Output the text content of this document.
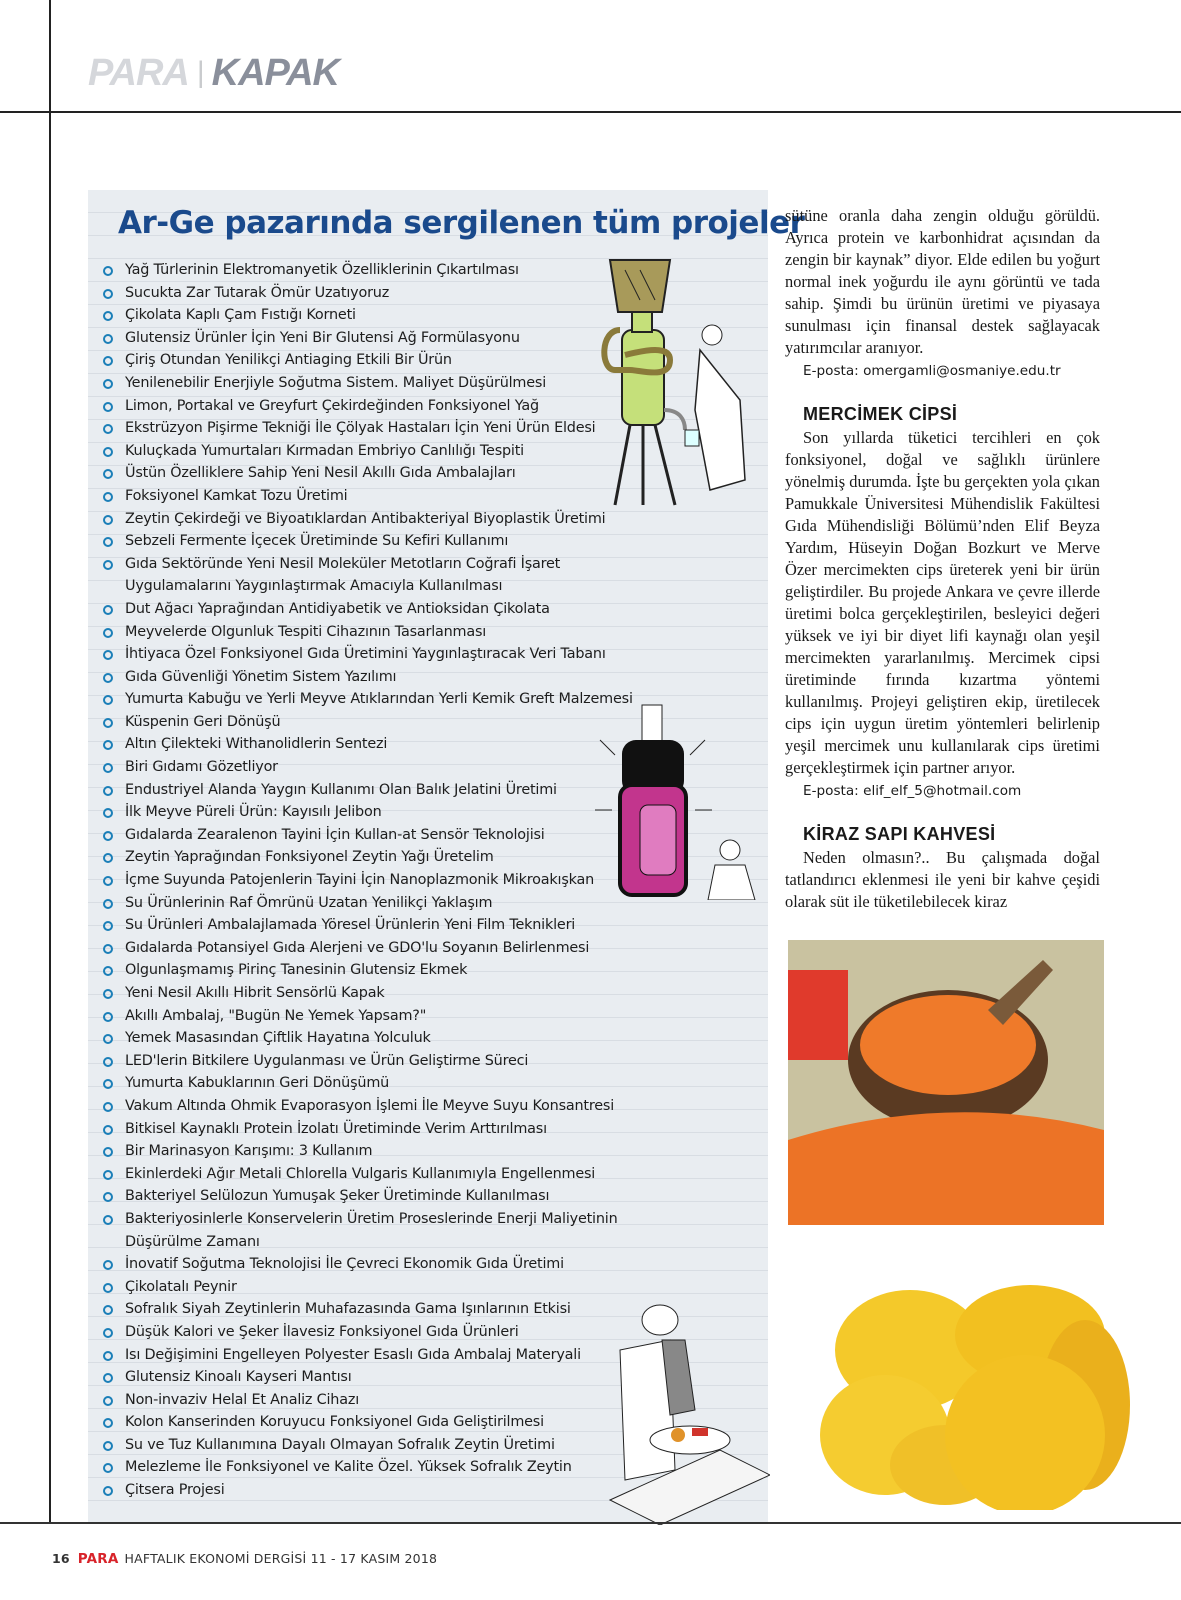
PARA | KAPAK
Ar-Ge pazarında sergilenen tüm projeler
Yağ Türlerinin Elektromanyetik Özelliklerinin Çıkartılması
Sucukta Zar Tutarak Ömür Uzatıyoruz
Çikolata Kaplı Çam Fıstığı Korneti
Glutensiz Ürünler İçin Yeni Bir Glutensi Ağ Formülasyonu
Çiriş Otundan Yenilikçi Antiaging Etkili Bir Ürün
Yenilenebilir Enerjiyle Soğutma Sistem. Maliyet Düşürülmesi
Limon, Portakal ve Greyfurt Çekirdeğinden Fonksiyonel Yağ
Ekstrüzyon Pişirme Tekniği İle Çölyak Hastaları İçin Yeni Ürün Eldesi
Kuluçkada Yumurtaları Kırmadan Embriyo Canlılığı Tespiti
Üstün Özelliklere Sahip Yeni Nesil Akıllı Gıda Ambalajları
Foksiyonel Kamkat Tozu Üretimi
Zeytin Çekirdeği ve Biyoatıklardan Antibakteriyal Biyoplastik Üretimi
Sebzeli Fermente İçecek Üretiminde Su Kefiri Kullanımı
Gıda Sektöründe Yeni Nesil Moleküler Metotların Coğrafi İşaret
Uygulamalarını Yaygınlaştırmak Amacıyla Kullanılması
Dut Ağacı Yaprağından Antidiyabetik ve Antioksidan Çikolata
Meyvelerde Olgunluk Tespiti Cihazının Tasarlanması
İhtiyaca Özel Fonksiyonel Gıda Üretimini Yaygınlaştıracak Veri Tabanı
Gıda Güvenliği Yönetim Sistem Yazılımı
Yumurta Kabuğu ve Yerli Meyve Atıklarından Yerli Kemik Greft Malzemesi
Küspenin Geri Dönüşü
Altın Çilekteki Withanolidlerin Sentezi
Biri Gıdamı Gözetliyor
Endustriyel Alanda Yaygın Kullanımı Olan Balık Jelatini Üretimi
İlk Meyve Püreli Ürün: Kayısılı Jelibon
Gıdalarda Zearalenon Tayini İçin Kullan-at Sensör Teknolojisi
Zeytin Yaprağından Fonksiyonel Zeytin Yağı Üretelim
İçme Suyunda Patojenlerin Tayini İçin Nanoplazmonik Mikroakışkan
Su Ürünlerinin Raf Ömrünü Uzatan Yenilikçi Yaklaşım
Su Ürünleri Ambalajlamada Yöresel Ürünlerin Yeni Film Teknikleri
Gıdalarda Potansiyel Gıda Alerjeni ve GDO'lu Soyanın Belirlenmesi
Olgunlaşmamış Pirinç Tanesinin Glutensiz Ekmek
Yeni Nesil Akıllı Hibrit Sensörlü Kapak
Akıllı Ambalaj, "Bugün Ne Yemek Yapsam?"
Yemek Masasından Çiftlik Hayatına Yolculuk
LED'lerin Bitkilere Uygulanması ve Ürün Geliştirme Süreci
Yumurta Kabuklarının Geri Dönüşümü
Vakum Altında Ohmik Evaporasyon İşlemi İle Meyve Suyu Konsantresi
Bitkisel Kaynaklı Protein İzolatı Üretiminde Verim Arttırılması
Bir Marinasyon Karışımı: 3 Kullanım
Ekinlerdeki Ağır Metali Chlorella Vulgaris Kullanımıyla Engellenmesi
Bakteriyel Selülozun Yumuşak Şeker Üretiminde Kullanılması
Bakteriyosinlerle Konservelerin Üretim Proseslerinde Enerji Maliyetinin
Düşürülme Zamanı
İnovatif Soğutma Teknolojisi İle Çevreci Ekonomik Gıda Üretimi
Çikolatalı Peynir
Sofralık Siyah Zeytinlerin Muhafazasında Gama Işınlarının Etkisi
Düşük Kalori ve Şeker İlavesiz Fonksiyonel Gıda Ürünleri
Isı Değişimini Engelleyen Polyester Esaslı Gıda Ambalaj Materyali
Glutensiz Kinoalı Kayseri Mantısı
Non-invaziv Helal Et Analiz Cihazı
Kolon Kanserinden Koruyucu Fonksiyonel Gıda Geliştirilmesi
Su ve Tuz Kullanımına Dayalı Olmayan Sofralık Zeytin Üretimi
Melezleme İle Fonksiyonel ve Kalite Özel. Yüksek Sofralık Zeytin
Çitsera Projesi

sütüne oranla daha zengin olduğu görüldü. Ayrıca protein ve karbonhidrat açısından da zengin bir kaynak” diyor. Elde edilen bu yoğurt normal inek yoğurdu ile aynı görüntü ve tada sahip. Şimdi bu ürünün üretimi ve piyasaya sunulması için finansal destek sağlayacak yatırımcılar aranıyor.

E-posta: omergamli@osmaniye.edu.tr
MERCİMEK CİPSİ

Son yıllarda tüketici tercihleri en çok fonksiyonel, doğal ve sağlıklı ürünlere yönelmiş durumda. İşte bu gerçekten yola çıkan Pamukkale Üniversitesi Mühendislik Fakültesi Gıda Mühendisliği Bölümü’nden Elif Beyza Yardım, Hüseyin Doğan Bozkurt ve Merve Özer mercimekten cips üreterek yeni bir ürün geliştirdiler. Bu projede Ankara ve çevre illerde üretimi bolca gerçekleştirilen, besleyici değeri yüksek ve iyi bir diyet lifi kaynağı olan yeşil mercimekten yararlanılmış. Mercimek cipsi üretiminde fırında kızartma yöntemi kullanılmış. Projeyi geliştiren ekip, üretilecek cips için uygun üretim yöntemleri belirlenip yeşil mercimek unu kullanılarak cips üretimi gerçekleştirmek için partner arıyor.

E-posta: elif_elf_5@hotmail.com
KİRAZ SAPI KAHVESİ

Neden olmasın?.. Bu çalışmada doğal tatlandırıcı eklenmesi ile yeni bir kahve çeşidi olarak süt ile tüketilebilecek kiraz

16 PARA HAFTALIK EKONOMİ DERGİSİ 11 - 17 KASIM 2018
